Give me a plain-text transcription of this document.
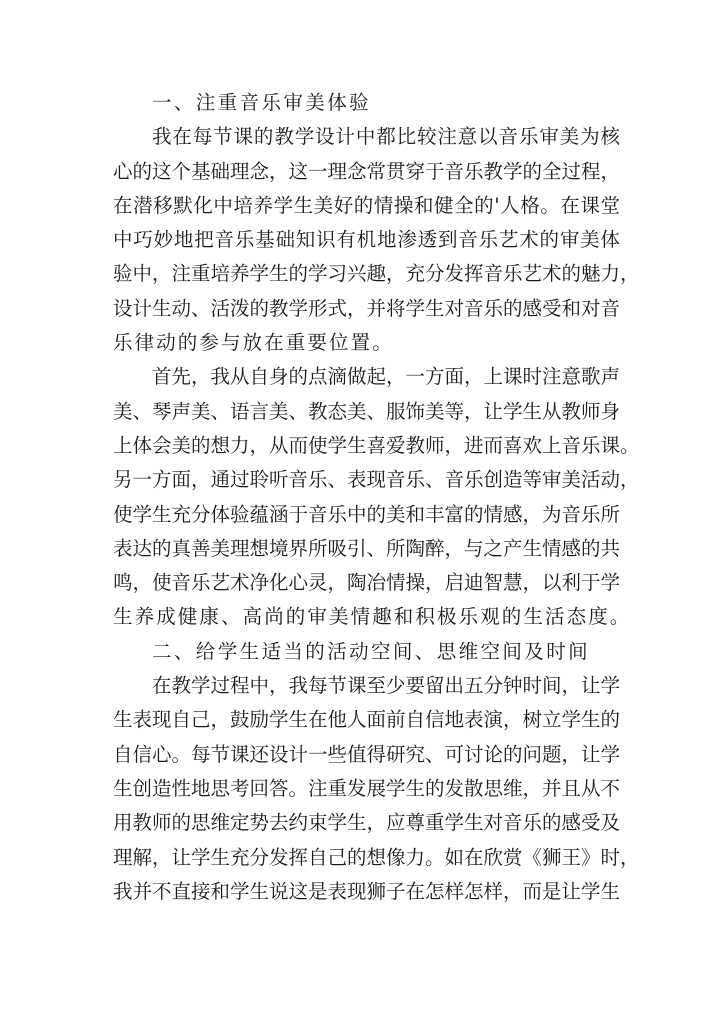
一、注重音乐审美体验
我在每节课的教学设计中都比较注意以音乐审美为核
心的这个基础理念，这一理念常贯穿于音乐教学的全过程，
在潜移默化中培养学生美好的情操和健全的'人格。在课堂
中巧妙地把音乐基础知识有机地渗透到音乐艺术的审美体
验中，注重培养学生的学习兴趣，充分发挥音乐艺术的魅力，
设计生动、活泼的教学形式，并将学生对音乐的感受和对音
乐律动的参与放在重要位置。
首先，我从自身的点滴做起，一方面，上课时注意歌声
美、琴声美、语言美、教态美、服饰美等，让学生从教师身
上体会美的想力，从而使学生喜爱教师，进而喜欢上音乐课。
另一方面，通过聆听音乐、表现音乐、音乐创造等审美活动，
使学生充分体验蕴涵于音乐中的美和丰富的情感，为音乐所
表达的真善美理想境界所吸引、所陶醉，与之产生情感的共
鸣，使音乐艺术净化心灵，陶冶情操，启迪智慧，以利于学
生养成健康、高尚的审美情趣和积极乐观的生活态度。
二、给学生适当的活动空间、思维空间及时间
在教学过程中，我每节课至少要留出五分钟时间，让学
生表现自己，鼓励学生在他人面前自信地表演，树立学生的
自信心。每节课还设计一些值得研究、可讨论的问题，让学
生创造性地思考回答。注重发展学生的发散思维，并且从不
用教师的思维定势去约束学生，应尊重学生对音乐的感受及
理解，让学生充分发挥自己的想像力。如在欣赏《狮王》时，
我并不直接和学生说这是表现狮子在怎样怎样，而是让学生
